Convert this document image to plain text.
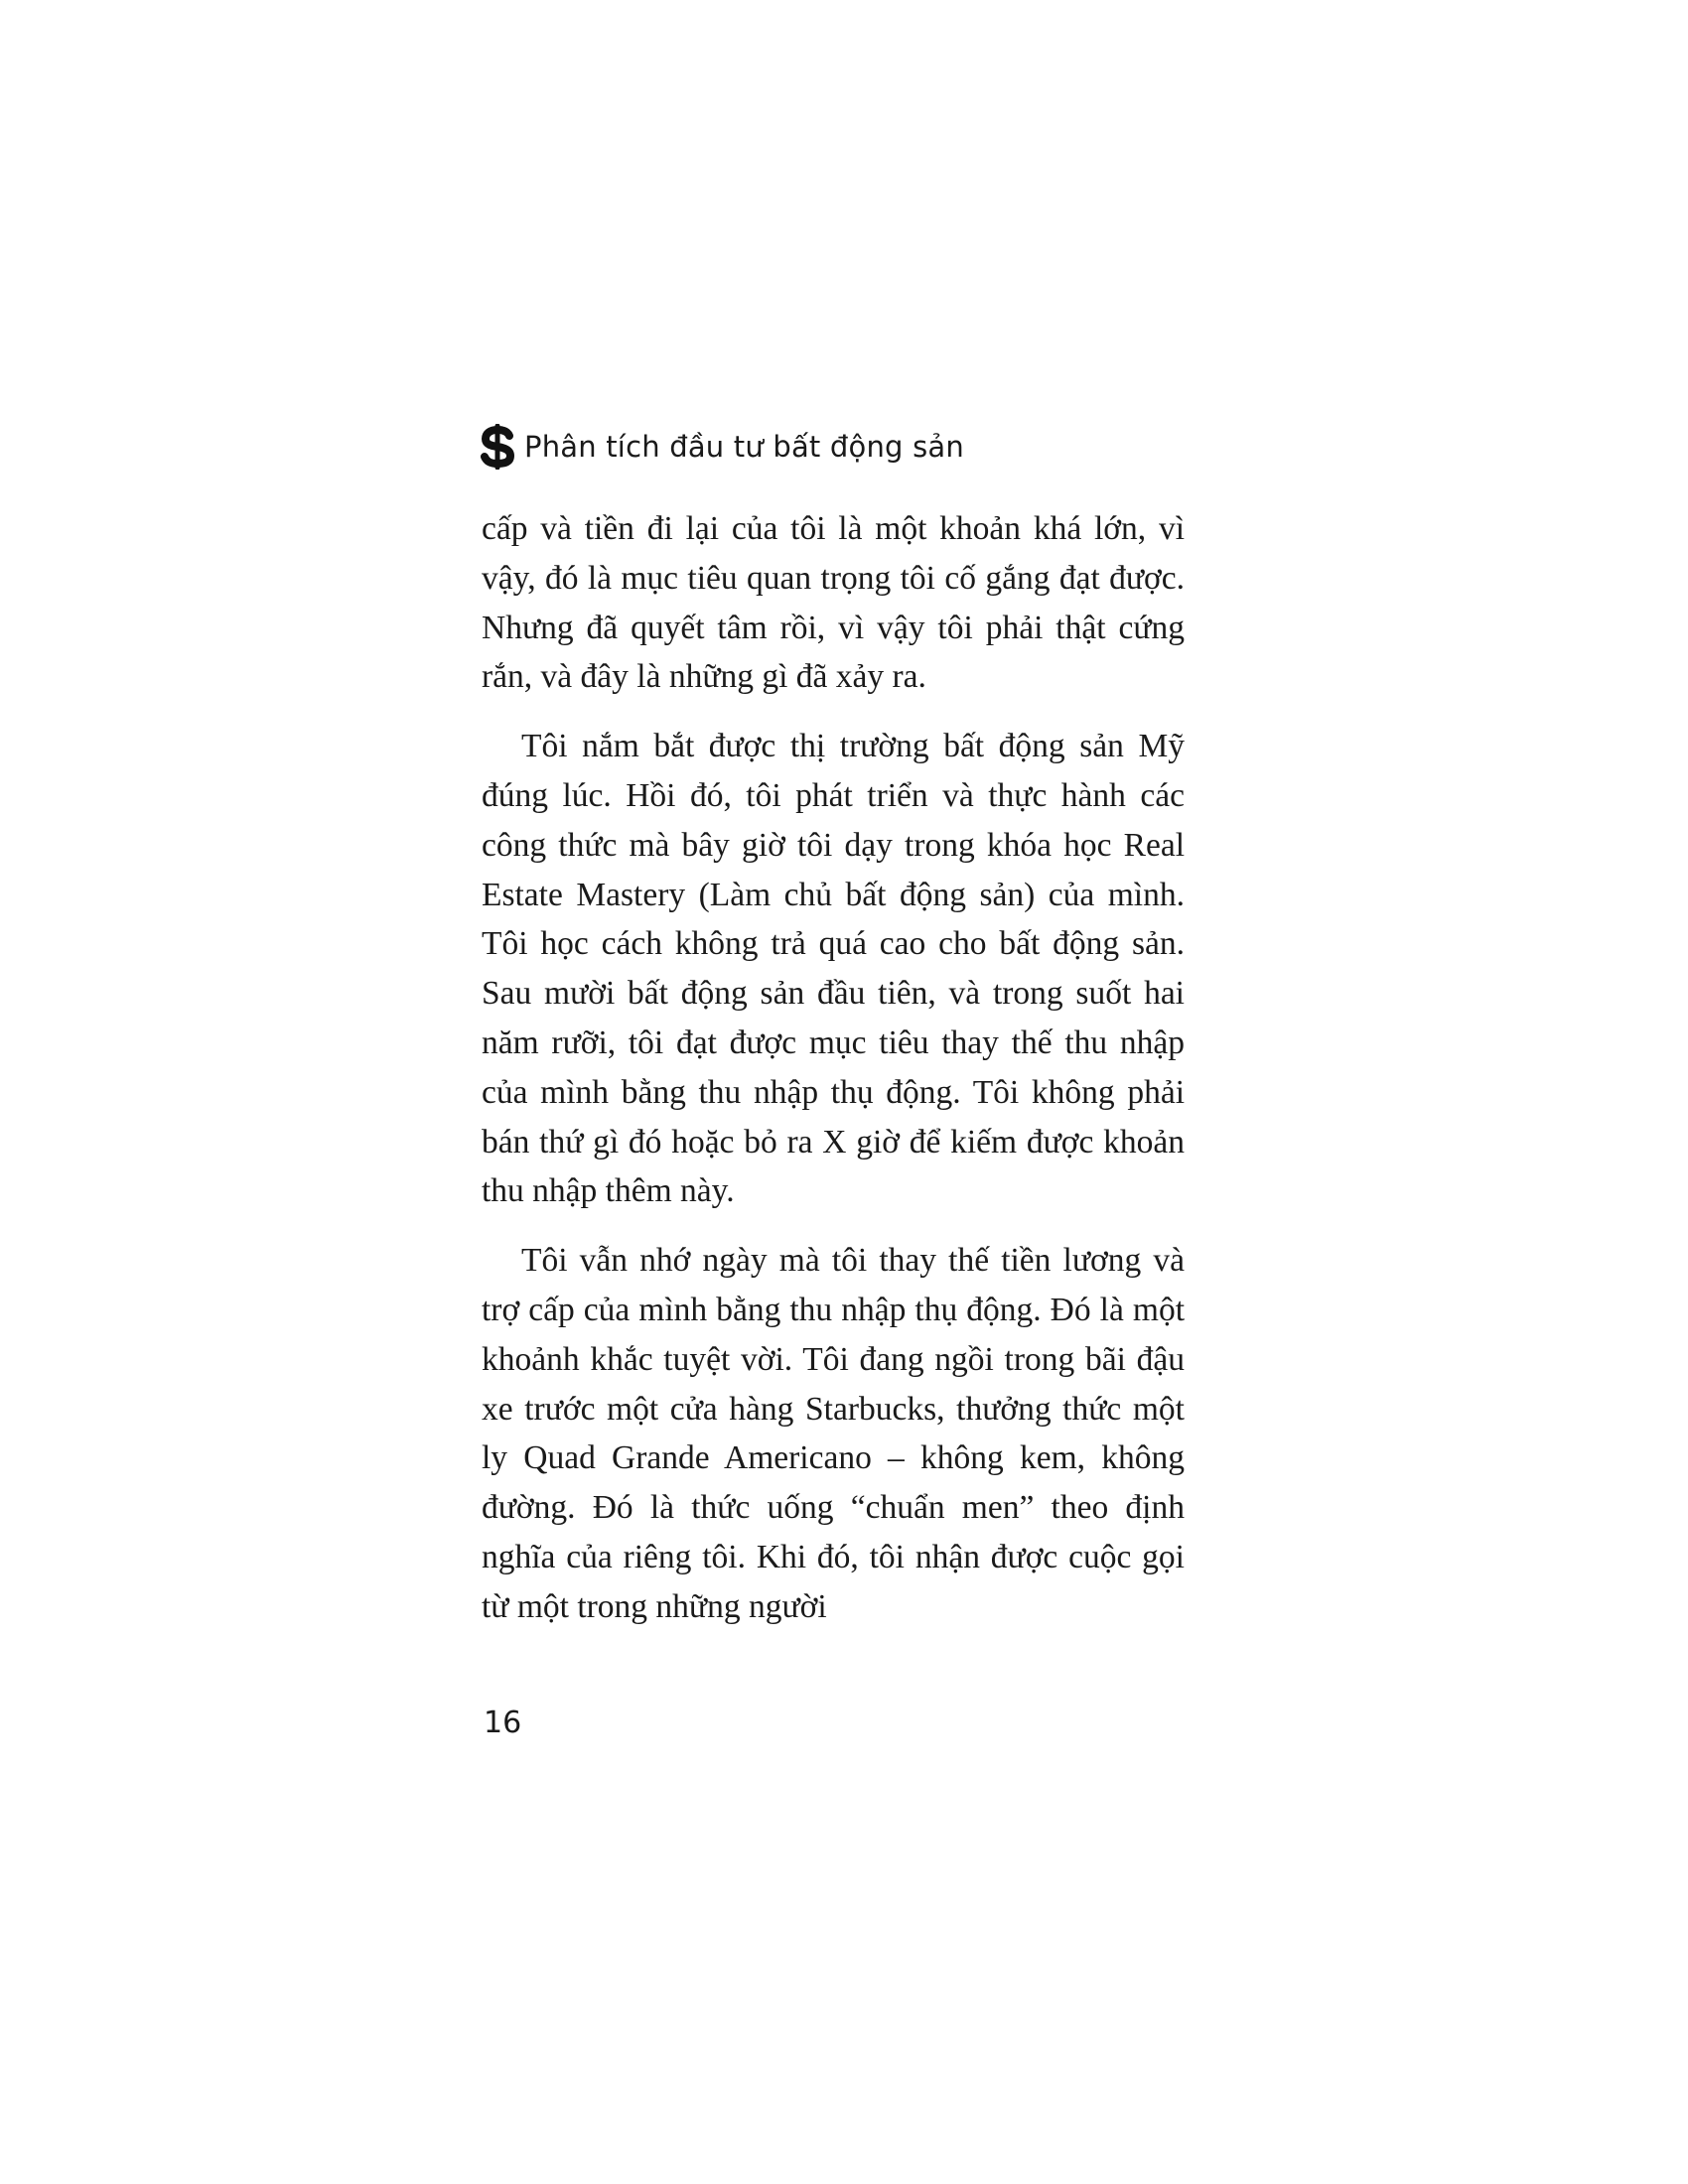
Phân tích đầu tư bất động sản

cấp và tiền đi lại của tôi là một khoản khá lớn, vì vậy, đó là mục tiêu quan trọng tôi cố gắng đạt được. Nhưng đã quyết tâm rồi, vì vậy tôi phải thật cứng rắn, và đây là những gì đã xảy ra.

Tôi nắm bắt được thị trường bất động sản Mỹ đúng lúc. Hồi đó, tôi phát triển và thực hành các công thức mà bây giờ tôi dạy trong khóa học Real Estate Mastery (Làm chủ bất động sản) của mình. Tôi học cách không trả quá cao cho bất động sản. Sau mười bất động sản đầu tiên, và trong suốt hai năm rưỡi, tôi đạt được mục tiêu thay thế thu nhập của mình bằng thu nhập thụ động. Tôi không phải bán thứ gì đó hoặc bỏ ra X giờ để kiếm được khoản thu nhập thêm này.

Tôi vẫn nhớ ngày mà tôi thay thế tiền lương và trợ cấp của mình bằng thu nhập thụ động. Đó là một khoảnh khắc tuyệt vời. Tôi đang ngồi trong bãi đậu xe trước một cửa hàng Starbucks, thưởng thức một ly Quad Grande Americano – không kem, không đường. Đó là thức uống “chuẩn men” theo định nghĩa của riêng tôi. Khi đó, tôi nhận được cuộc gọi từ một trong những người

16
